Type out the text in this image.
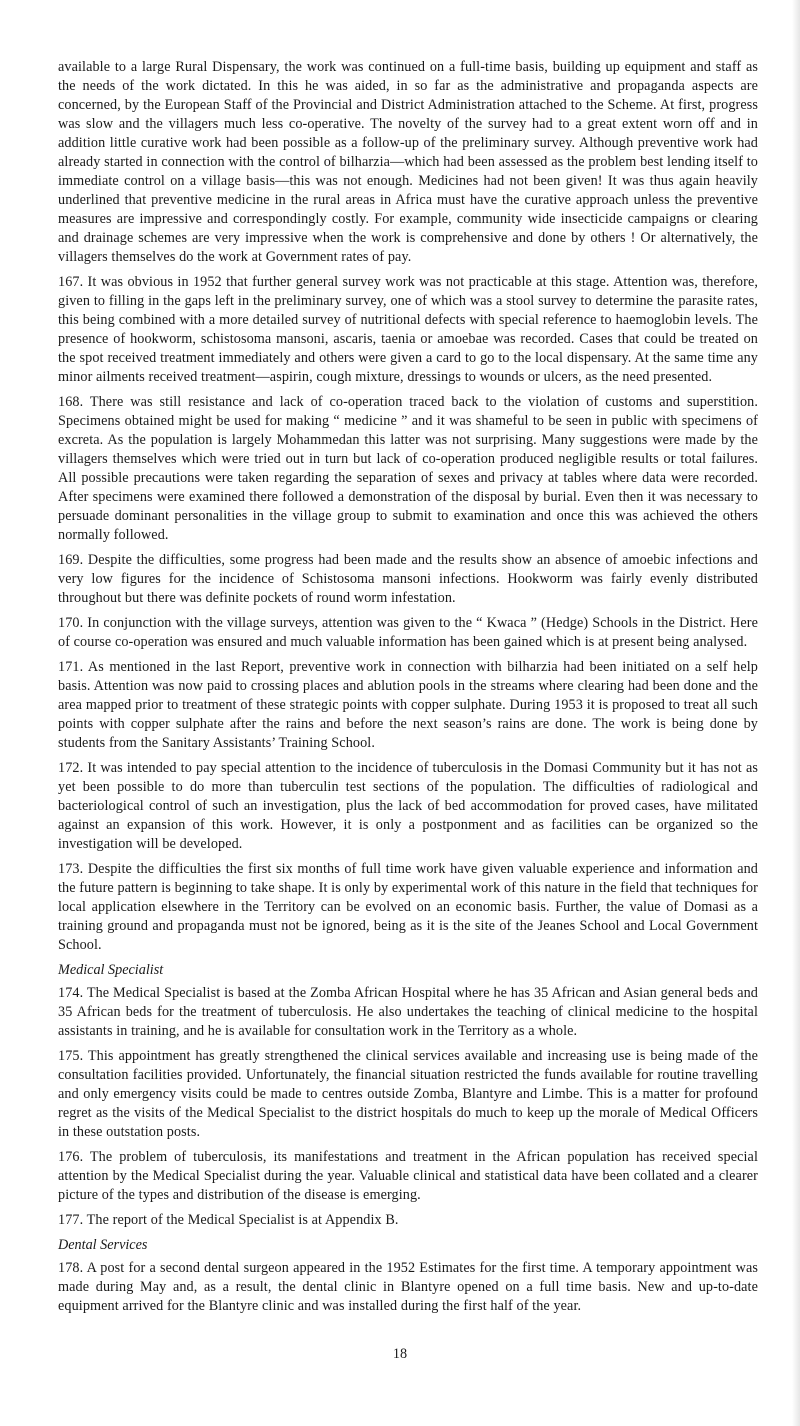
available to a large Rural Dispensary, the work was continued on a full-time basis, building up equipment and staff as the needs of the work dictated. In this he was aided, in so far as the administrative and propaganda aspects are concerned, by the European Staff of the Provincial and District Administration attached to the Scheme. At first, progress was slow and the villagers much less co-operative. The novelty of the survey had to a great extent worn off and in addition little curative work had been possible as a follow-up of the preliminary survey. Although preventive work had already started in connection with the control of bilharzia—which had been assessed as the problem best lending itself to immediate control on a village basis—this was not enough. Medicines had not been given! It was thus again heavily underlined that preventive medicine in the rural areas in Africa must have the curative approach unless the preventive measures are impressive and correspondingly costly. For example, community wide insecticide campaigns or clearing and drainage schemes are very impressive when the work is comprehensive and done by others ! Or alternatively, the villagers themselves do the work at Government rates of pay.

167. It was obvious in 1952 that further general survey work was not practicable at this stage. Attention was, therefore, given to filling in the gaps left in the preliminary survey, one of which was a stool survey to determine the parasite rates, this being combined with a more detailed survey of nutritional defects with special reference to haemoglobin levels. The presence of hookworm, schistosoma mansoni, ascaris, taenia or amoebae was recorded. Cases that could be treated on the spot received treatment immediately and others were given a card to go to the local dispensary. At the same time any minor ailments received treatment—aspirin, cough mixture, dressings to wounds or ulcers, as the need presented.

168. There was still resistance and lack of co-operation traced back to the violation of customs and superstition. Specimens obtained might be used for making “ medicine ” and it was shameful to be seen in public with specimens of excreta. As the population is largely Mohammedan this latter was not surprising. Many suggestions were made by the villagers themselves which were tried out in turn but lack of co-operation produced negligible results or total failures. All possible precautions were taken regarding the separation of sexes and privacy at tables where data were recorded. After specimens were examined there followed a demonstration of the disposal by burial. Even then it was necessary to persuade dominant personalities in the village group to submit to examination and once this was achieved the others normally followed.

169. Despite the difficulties, some progress had been made and the results show an absence of amoebic infections and very low figures for the incidence of Schistosoma mansoni infections. Hookworm was fairly evenly distributed throughout but there was definite pockets of round worm infestation.

170. In conjunction with the village surveys, attention was given to the “ Kwaca ” (Hedge) Schools in the District. Here of course co-operation was ensured and much valuable information has been gained which is at present being analysed.

171. As mentioned in the last Report, preventive work in connection with bilharzia had been initiated on a self help basis. Attention was now paid to crossing places and ablution pools in the streams where clearing had been done and the area mapped prior to treatment of these strategic points with copper sulphate. During 1953 it is proposed to treat all such points with copper sulphate after the rains and before the next season’s rains are done. The work is being done by students from the Sanitary Assistants’ Training School.

172. It was intended to pay special attention to the incidence of tuberculosis in the Domasi Community but it has not as yet been possible to do more than tuberculin test sections of the population. The difficulties of radiological and bacteriological control of such an investigation, plus the lack of bed accommodation for proved cases, have militated against an expansion of this work. However, it is only a postponment and as facilities can be organized so the investigation will be developed.

173. Despite the difficulties the first six months of full time work have given valuable experience and information and the future pattern is beginning to take shape. It is only by experimental work of this nature in the field that techniques for local application elsewhere in the Territory can be evolved on an economic basis. Further, the value of Domasi as a training ground and propaganda must not be ignored, being as it is the site of the Jeanes School and Local Government School.

Medical Specialist

174. The Medical Specialist is based at the Zomba African Hospital where he has 35 African and Asian general beds and 35 African beds for the treatment of tuberculosis. He also undertakes the teaching of clinical medicine to the hospital assistants in training, and he is available for consultation work in the Territory as a whole.

175. This appointment has greatly strengthened the clinical services available and increasing use is being made of the consultation facilities provided. Unfortunately, the financial situation restricted the funds available for routine travelling and only emergency visits could be made to centres outside Zomba, Blantyre and Limbe. This is a matter for profound regret as the visits of the Medical Specialist to the district hospitals do much to keep up the morale of Medical Officers in these outstation posts.

176. The problem of tuberculosis, its manifestations and treatment in the African population has received special attention by the Medical Specialist during the year. Valuable clinical and statistical data have been collated and a clearer picture of the types and distribution of the disease is emerging.

177. The report of the Medical Specialist is at Appendix B.

Dental Services

178. A post for a second dental surgeon appeared in the 1952 Estimates for the first time. A temporary appointment was made during May and, as a result, the dental clinic in Blantyre opened on a full time basis. New and up-to-date equipment arrived for the Blantyre clinic and was installed during the first half of the year.

18
